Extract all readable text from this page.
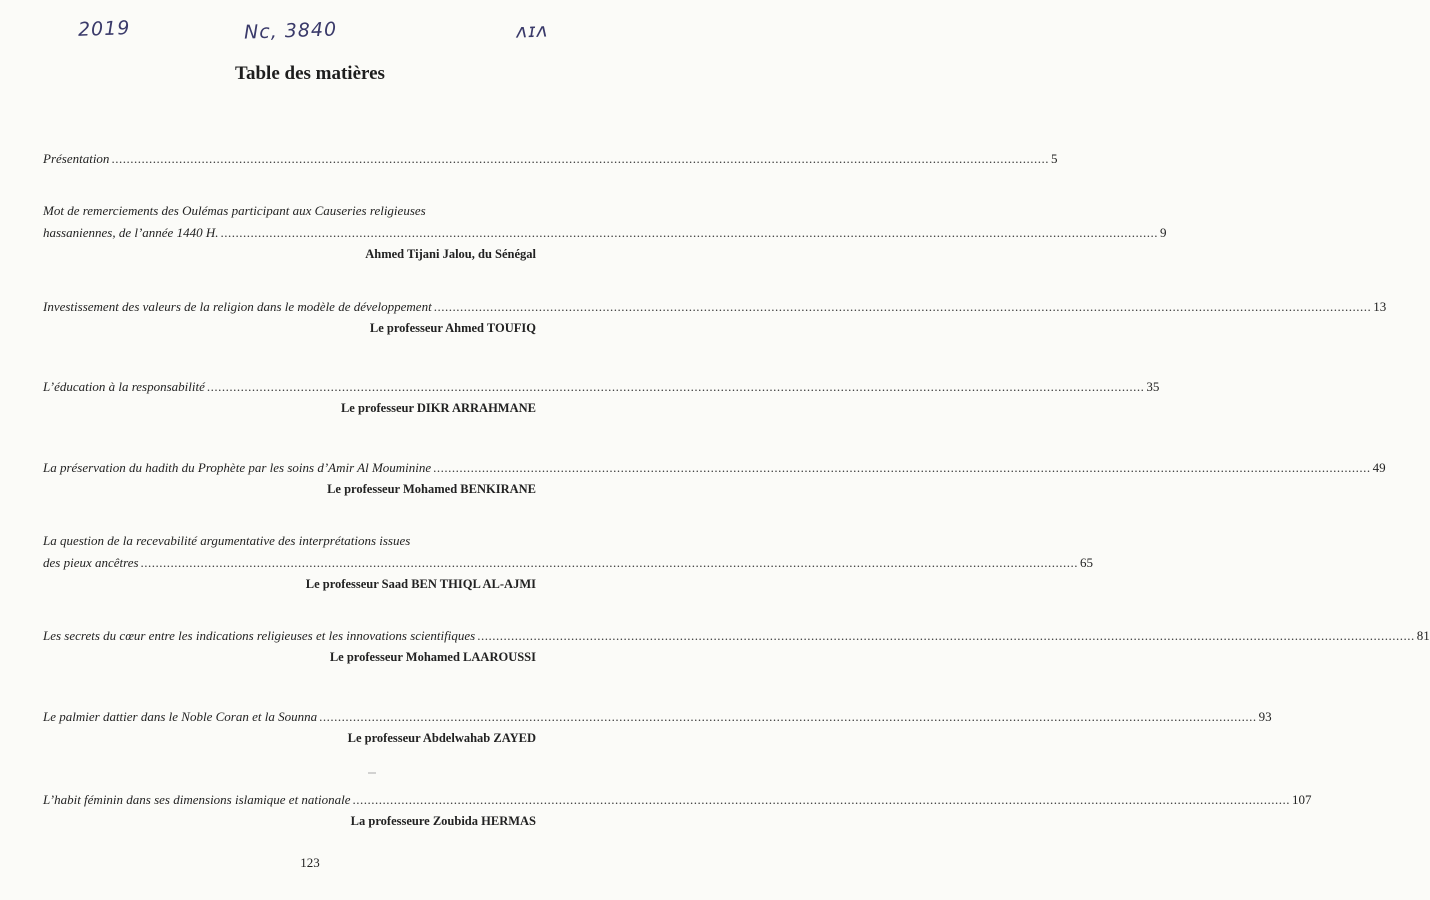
2019	Nc, 3840	ʌɪʌ
Table des matières
Présentation .......................................................................................................................................................................................................................................................... 5
Mot de remerciements des Oulémas participant aux Causeries religieuses
hassaniennes, de l’année 1440 H. .......................................................................................................................................................................................................................................................... 9
Ahmed Tijani Jalou, du Sénégal
Investissement des valeurs de la religion dans le modèle de développement .......................................................................................................................................................................................................................................................... 13
Le professeur Ahmed TOUFIQ
L’éducation à la responsabilité .......................................................................................................................................................................................................................................................... 35
Le professeur DIKR ARRAHMANE
La préservation du hadith du Prophète par les soins d’Amir Al Mouminine .......................................................................................................................................................................................................................................................... 49
Le professeur Mohamed BENKIRANE
La question de la recevabilité argumentative des interprétations issues
des pieux ancêtres .......................................................................................................................................................................................................................................................... 65
Le professeur Saad BEN THIQL AL-AJMI
Les secrets du cœur entre les indications religieuses et les innovations scientifiques .......................................................................................................................................................................................................................................................... 81
Le professeur Mohamed LAAROUSSI
Le palmier dattier dans le Noble Coran et la Sounna .......................................................................................................................................................................................................................................................... 93
Le professeur Abdelwahab ZAYED
L’habit féminin dans ses dimensions islamique et nationale .......................................................................................................................................................................................................................................................... 107
La professeure Zoubida HERMAS
123
